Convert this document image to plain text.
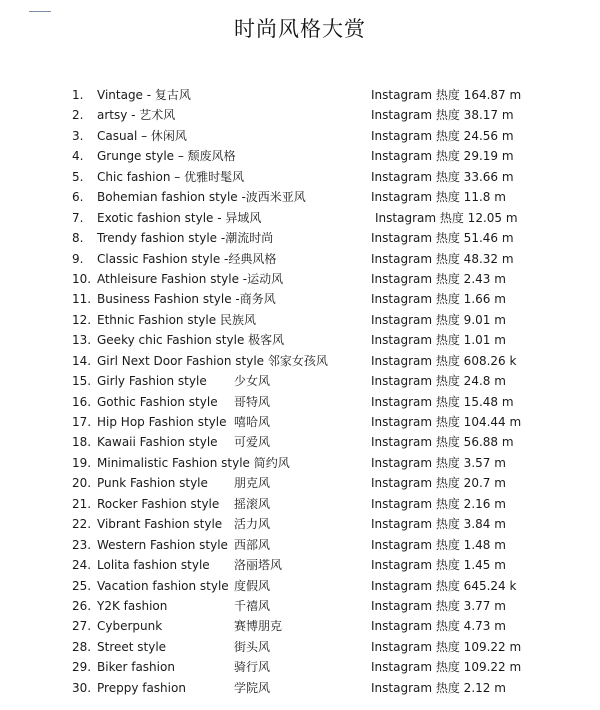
时尚风格大赏
1. Vintage - 复古风	Instagram 热度 164.87 m
2. artsy - 艺术风	Instagram 热度 38.17 m
3. Casual – 休闲风	Instagram 热度 24.56 m
4. Grunge style – 颓废风格	Instagram 热度 29.19 m
5. Chic fashion – 优雅时髦风	Instagram 热度 33.66 m
6. Bohemian fashion style -波西米亚风	Instagram 热度 11.8 m
7. Exotic fashion style - 异域风	Instagram 热度 12.05 m
8. Trendy fashion style -潮流时尚	Instagram 热度 51.46 m
9. Classic Fashion style -经典风格	Instagram 热度 48.32 m
10. Athleisure Fashion style -运动风	Instagram 热度 2.43 m
11. Business Fashion style -商务风	Instagram 热度 1.66 m
12. Ethnic Fashion style 民族风	Instagram 热度 9.01 m
13. Geeky chic Fashion style 极客风	Instagram 热度 1.01 m
14. Girl Next Door Fashion style 邻家女孩风	Instagram 热度 608.26 k
15. Girly Fashion style 少女风	Instagram 热度 24.8 m
16. Gothic Fashion style 哥特风	Instagram 热度 15.48 m
17. Hip Hop Fashion style 嘻哈风	Instagram 热度 104.44 m
18. Kawaii Fashion style 可爱风	Instagram 热度 56.88 m
19. Minimalistic Fashion style 简约风	Instagram 热度 3.57 m
20. Punk Fashion style 朋克风	Instagram 热度 20.7 m
21. Rocker Fashion style 摇滚风	Instagram 热度 2.16 m
22. Vibrant Fashion style 活力风	Instagram 热度 3.84 m
23. Western Fashion style 西部风	Instagram 热度 1.48 m
24. Lolita fashion style 洛丽塔风	Instagram 热度 1.45 m
25. Vacation fashion style 度假风	Instagram 热度 645.24 k
26. Y2K fashion	千禧风	Instagram 热度 3.77 m
27. Cyberpunk	赛博朋克	Instagram 热度 4.73 m
28. Street style	街头风	Instagram 热度 109.22 m
29. Biker fashion	骑行风	Instagram 热度 109.22 m
30. Preppy fashion	学院风	Instagram 热度 2.12 m
